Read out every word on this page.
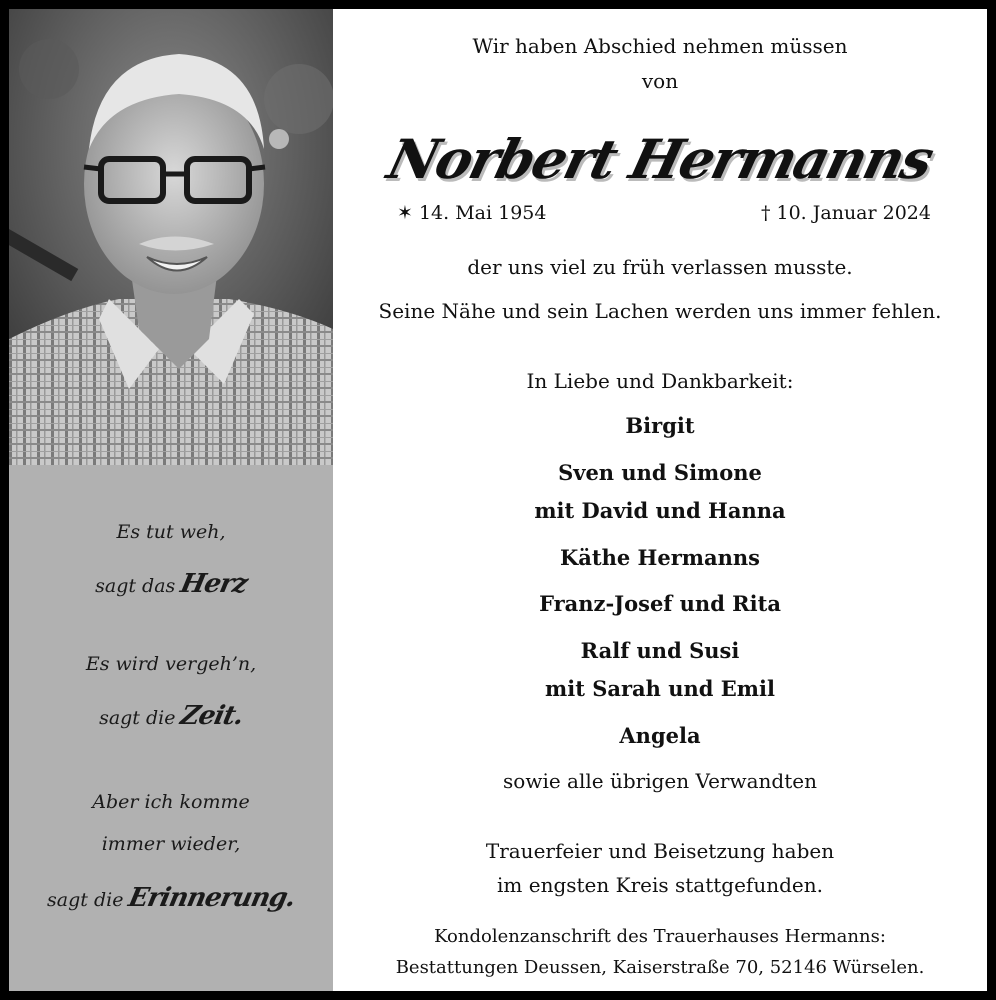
Es tut weh,
sagt das Herz
Es wird vergeh’n,
sagt die Zeit.
Aber ich komme
immer wieder,
sagt die Erinnerung.
Wir haben Abschied nehmen müssen
von
Norbert Hermanns
✶ 14. Mai 1954	† 10. Januar 2024
der uns viel zu früh verlassen musste.
Seine Nähe und sein Lachen werden uns immer fehlen.
In Liebe und Dankbarkeit:
Birgit
Sven und Simone
mit David und Hanna
Käthe Hermanns
Franz-Josef und Rita
Ralf und Susi
mit Sarah und Emil
Angela
sowie alle übrigen Verwandten
Trauerfeier und Beisetzung haben
im engsten Kreis stattgefunden.
Kondolenzanschrift des Trauerhauses Hermanns:
Bestattungen Deussen, Kaiserstraße 70, 52146 Würselen.
